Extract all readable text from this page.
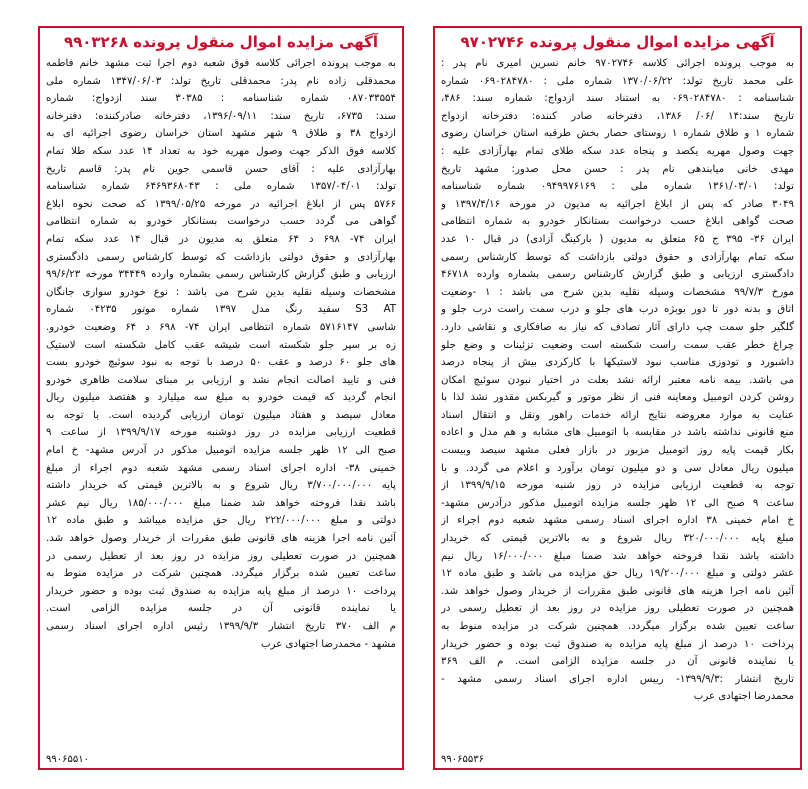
آگهی مزایده اموال منقول پرونده ۹۷۰۲۷۴۶
به موجب پرونده اجرائی کلاسه ۹۷۰۲۷۴۶ خانم نسرین امیری نام پدر :
علی محمد تاریخ تولد: ۱۳۷۰/۰۶/۲۲ شماره ملی : ۰۶۹۰۲۸۴۷۸۰ شماره
شناسنامه : ۰۶۹۰۲۸۴۷۸۰ به استناد سند ازدواج: شماره سند: ۴۸۶،
تاریخ سند:۱۴ /۰۶/ ۱۳۸۶، دفترخانه صادر کننده: دفترخانه ازدواج
شماره ۱ و طلاق شماره ۱ روستای حصار بخش طرقبه استان خراسان رضوی
جهت وصول مهریه یکصد و پنجاه عدد سکه طلای تمام بهارآزادی علیه :
مهدی خانی میابندهی نام پدر : حسن محل صدور: مشهد تاریخ
تولد: ۱۳۶۱/۰۳/۰۱ شماره ملی : ۰۹۴۹۹۷۶۱۶۹ شماره شناسنامه
۳۰۴۹ صادر که پس از ابلاغ اجرائیه به مدیون در مورخه ۱۳۹۷/۴/۱۶ و
صحت گواهی ابلاغ حسب درخواست بستانکار خودرو به شماره انتظامی
ایران ۳۶- ۳۹۵ ج ۶۵ متعلق به مدیون ( بارکینگ آزادی) در قبال ۱۰ عدد
سکه تمام بهارآزادی و حقوق دولتی بازداشت که توسط کارشناس رسمی
دادگستری ارزیابی و طبق گزارش کارشناس رسمی بشماره وارده ۴۶۷۱۸
مورخ ۹۹/۷/۳ مشخصات وسیله نقلیه بدین شرح می باشد : ۱ -وضعیت
اتاق و بدنه دور تا دور بوبژه درب های جلو و درب سمت راست درب جلو و
گلگیر جلو سمت چپ دارای آثار تصادف که نیاز به صافکاری و نقاشی دارد.
چراغ خطر عقب سمت راست شکسته است وضعیت تزئینات و وضع جلو
داشبورد و تودوزی مناسب نبود لاستیکها با کارکردی بیش از پنجاه درصد
می باشد. بیمه نامه معتبر ارائه نشد بعلت در اختیار نبودن سوئیچ امکان
روشن کردن اتومبیل ومعاینه فنی از نظر موتور و گیربکس مقدور نشد لذا با
عنایت به موارد معروضه نتایج ارائه خدمات راهور ونقل و انتقال اسناد
منع قانونی نداشته باشد در مقایسه با اتومبیل های مشابه و هم مدل و اعاده
بکار قیمت پایه روز اتومبیل مزبور در بازار فعلی مشهد سیصد وبیست
میلیون ریال معادل سی و دو میلیون تومان برآورد و اعلام می گردد. و با
توجه به قطعیت ارزیابی مزایده در روز شنبه مورخه ۱۳۹۹/۹/۱۵ از
ساعت ۹ صبح الی ۱۲ ظهر جلسه مزایده اتومبیل مذکور درآدرس مشهد-
خ امام خمینی ۳۸ اداره اجرای اسناد رسمی مشهد شعبه دوم اجراء از
مبلغ پایه ۳۲۰/۰۰۰/۰۰۰ ریال شروع و به بالاترین قیمتی که خریدار
داشته باشد نقدا فروخته خواهد شد ضمنا مبلغ ۱۶/۰۰۰/۰۰۰ ریال نیم
عشر دولتی و مبلغ ۱۹/۲۰۰/۰۰۰ ریال حق مزایده می باشد و طبق ماده ۱۲
آئین نامه اجرا هزینه های قانونی طبق مقررات از خریدار وصول خواهد شد.
همچنین در صورت تعطیلی روز مزایده در روز بعد از تعطیل رسمی در
ساعت تعیین شده برگزار میگردد. همچنین شرکت در مزایده منوط به
پرداخت ۱۰ درصد از مبلغ پایه مزایده به صندوق ثبت بوده و حضور خریدار
یا نماینده قانونی آن در جلسه مزایده الزامی است. م الف ۳۶۹
تاریخ انتشار :۱۳۹۹/۹/۳- رییس اداره اجرای اسناد رسمی مشهد -
محمدرضا اجتهادی عرب
۹۹۰۶۵۵۳۶
آگهی مزایده اموال منقول پرونده ۹۹۰۳۲۶۸
به موجب پرونده اجرائی کلاسه فوق شعبه دوم اجرا ثبت مشهد خانم فاطمه
محمدقلی زاده نام پدر: محمدقلی تاریخ تولد: ۱۳۴۷/۰۶/۰۳ شماره ملی
۰۸۷۰۳۳۵۵۴ شماره شناسنامه : ۳۰۳۸۵ سند ازدواج: شماره
سند: ۶۷۳۵، تاریخ سند: ۱۳۹۶/۰۹/۱۱، دفترخانه صادرکننده: دفترخانه
ازدواج ۳۸ و طلاق ۹ شهر مشهد استان خراسان رضوی اجرائیه ای به
کلاسه فوق الذکر جهت وصول مهریه خود به تعداد ۱۴ عدد سکه طلا تمام
بهارآزادی علیه : آقای حسن قاسمی جوین نام پدر: قاسم تاریخ
تولد: ۱۳۵۷/۰۴/۰۱ شماره ملی : ۶۴۶۹۳۶۸۰۴۳ شماره شناسنامه
۵۷۶۶ پس از ابلاغ اجرائیه در مورخه ۱۳۹۹/۰۵/۲۵ که صحت نحوه ابلاغ
گواهی می گردد حسب درخواست بستانکار خودرو به شماره انتظامی
ایران ۷۴- ۶۹۸ د ۶۴ متعلق به مدیون در قبال ۱۴ عدد سکه تمام
بهارآزادی و حقوق دولتی بازداشت که توسط کارشناس رسمی دادگستری
ارزیابی و طبق گزارش کارشناس رسمی بشماره وارده ۳۴۴۴۹ مورخه ۹۹/۶/۲۳
مشخصات وسیله نقلیه بدین شرح می باشد : نوع خودرو سواری جانگان
S3 AT سفید رنگ مدل ۱۳۹۷ شماره موتور ۰۴۲۳۵ شماره
شاسی ۵۷۱۶۱۴۷ شماره انتظامی ایران ۷۴- ۶۹۸ د ۶۴ وضعیت خودرو.
زه بر سپر جلو شکسته است شیشه عقب کامل شکسته است لاستیک
های جلو ۶۰ درصد و عقب ۵۰ درصد با توجه به نبود سوئیچ خودرو بست
فنی و تایید اصالت انجام نشد و ارزیابی بر مبنای سلامت ظاهری خودرو
انجام گردید که قیمت خودرو به مبلغ سه میلیارد و هفتصد میلیون ریال
معادل سیصد و هفتاد میلیون تومان ارزیابی گردیده است. با توجه به
قطعیت ارزیابی مزایده در روز دوشنبه مورخه ۱۳۹۹/۹/۱۷ از ساعت ۹
صبح الی ۱۲ ظهر جلسه مزایده اتومبیل مذکور در آدرس مشهد- خ امام
خمینی ۳۸- اداره اجرای اسناد رسمی مشهد شعبه دوم اجراء از مبلغ
پایه ۳/۷۰۰/۰۰۰/۰۰۰ ریال شروع و به بالاترین قیمتی که خریدار داشته
باشد نقدا فروخته خواهد شد ضمنا مبلغ ۱۸۵/۰۰۰/۰۰۰ ریال نیم عشر
دولتی و مبلغ ۲۲۲/۰۰۰/۰۰۰ ریال حق مزایده میباشد و طبق ماده ۱۲
آئین نامه اجرا هزینه های قانونی طبق مقررات از خریدار وصول خواهد شد.
همچنین در صورت تعطیلی روز مزایده در روز بعد از تعطیل رسمی در
ساعت تعیین شده برگزار میگردد. همچنین شرکت در مزایده منوط به
پرداخت ۱۰ درصد از مبلغ پایه مزایده به صندوق ثبت بوده و حضور خریدار
یا نماینده قانونی آن در جلسه مزایده الزامی است.
م الف ۳۷۰ تاریخ انتشار ۱۳۹۹/۹/۳ رئیس اداره اجرای اسناد رسمی
مشهد - محمدرضا اجتهادی عرب
۹۹۰۶۵۵۱۰
